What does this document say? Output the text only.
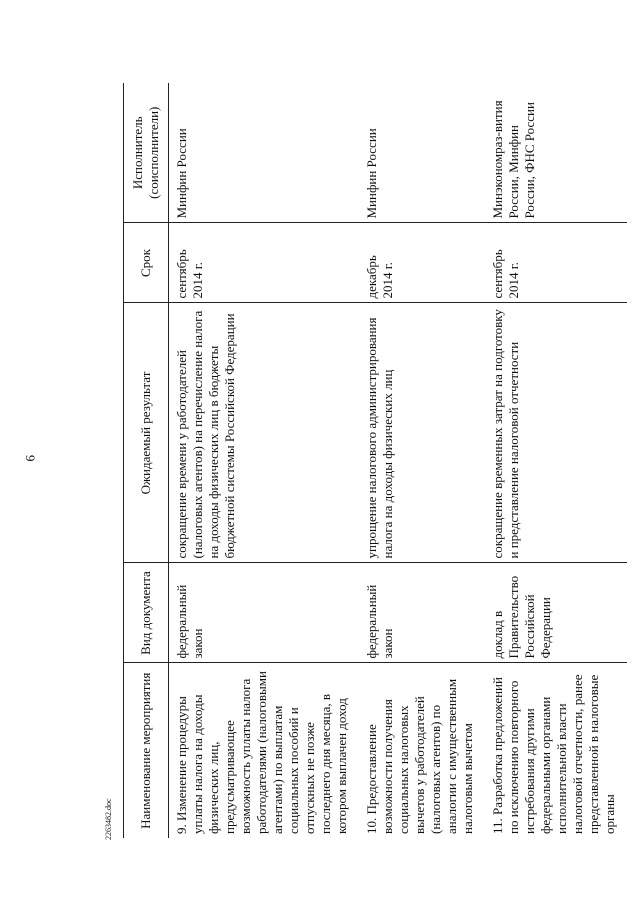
9
Наименование мероприятия	Вид документа	Ожидаемый результат	Срок	Исполнитель
(соисполнители)
9. Изменение процедуры уплаты налога на доходы физических лиц, предусматривающее возможность уплаты налога работодателями (налоговыми агентами) по выплатам социальных пособий и отпускных не позже последнего дня месяца, в котором выплачен доход	федеральный закон	сокращение времени у работодателей (налоговых агентов) на перечисление налога на доходы физических лиц в бюджеты бюджетной системы Российской Федерации	сентябрь 2014 г.	Минфин России
10. Предоставление возможности получения социальных налоговых вычетов у работодателей (налоговых агентов) по аналогии с имущественным налоговым вычетом	федеральный закон	упрощение налогового администрирования налога на доходы физических лиц	декабрь 2014 г.	Минфин России
11. Разработка предложений по исключению повторного истребования другими федеральными органами исполнительной власти налоговой отчетности, ранее представленной в налоговые органы	доклад в Правительство Российской Федерации	сокращение временных затрат на подготовку и представление налоговой отчетности	сентябрь 2014 г.	Минэкономраз-вития России, Минфин России, ФНС России
2263482.doc
